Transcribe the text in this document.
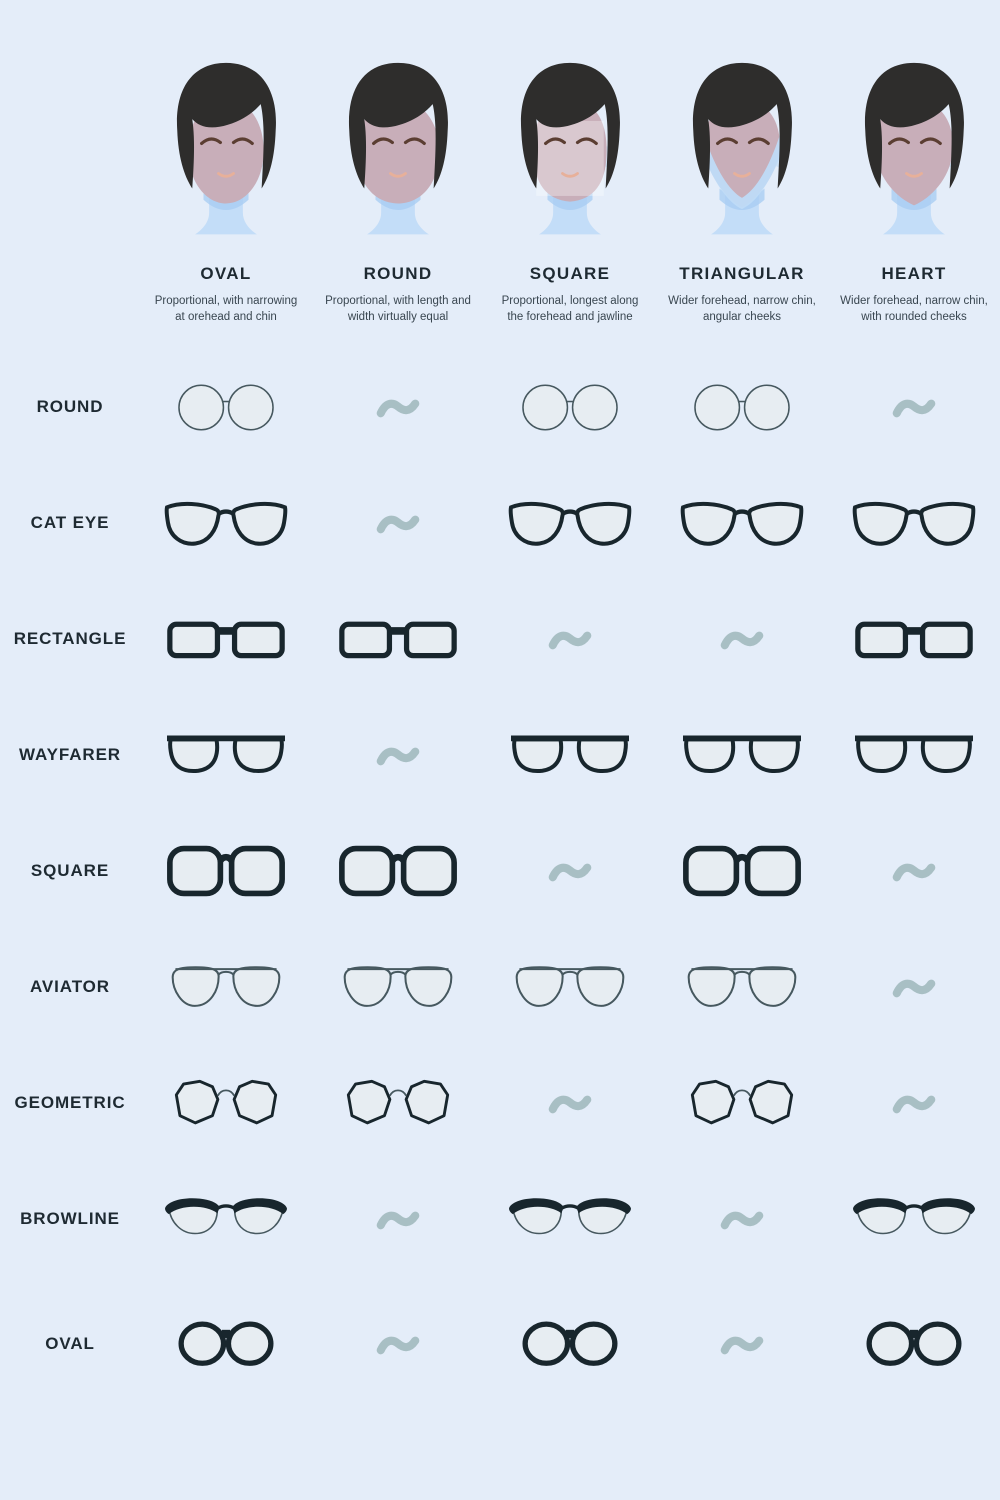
OVAL
Proportional, with narrowing at orehead and chin
ROUND
Proportional, with length and width virtually equal
SQUARE
Proportional, longest along the forehead and jawline
TRIANGULAR
Wider forehead, narrow chin, angular cheeks
HEART
Wider forehead, narrow chin, with rounded cheeks
ROUND
CAT EYE
RECTANGLE
WAYFARER
SQUARE
AVIATOR
GEOMETRIC
BROWLINE
OVAL
